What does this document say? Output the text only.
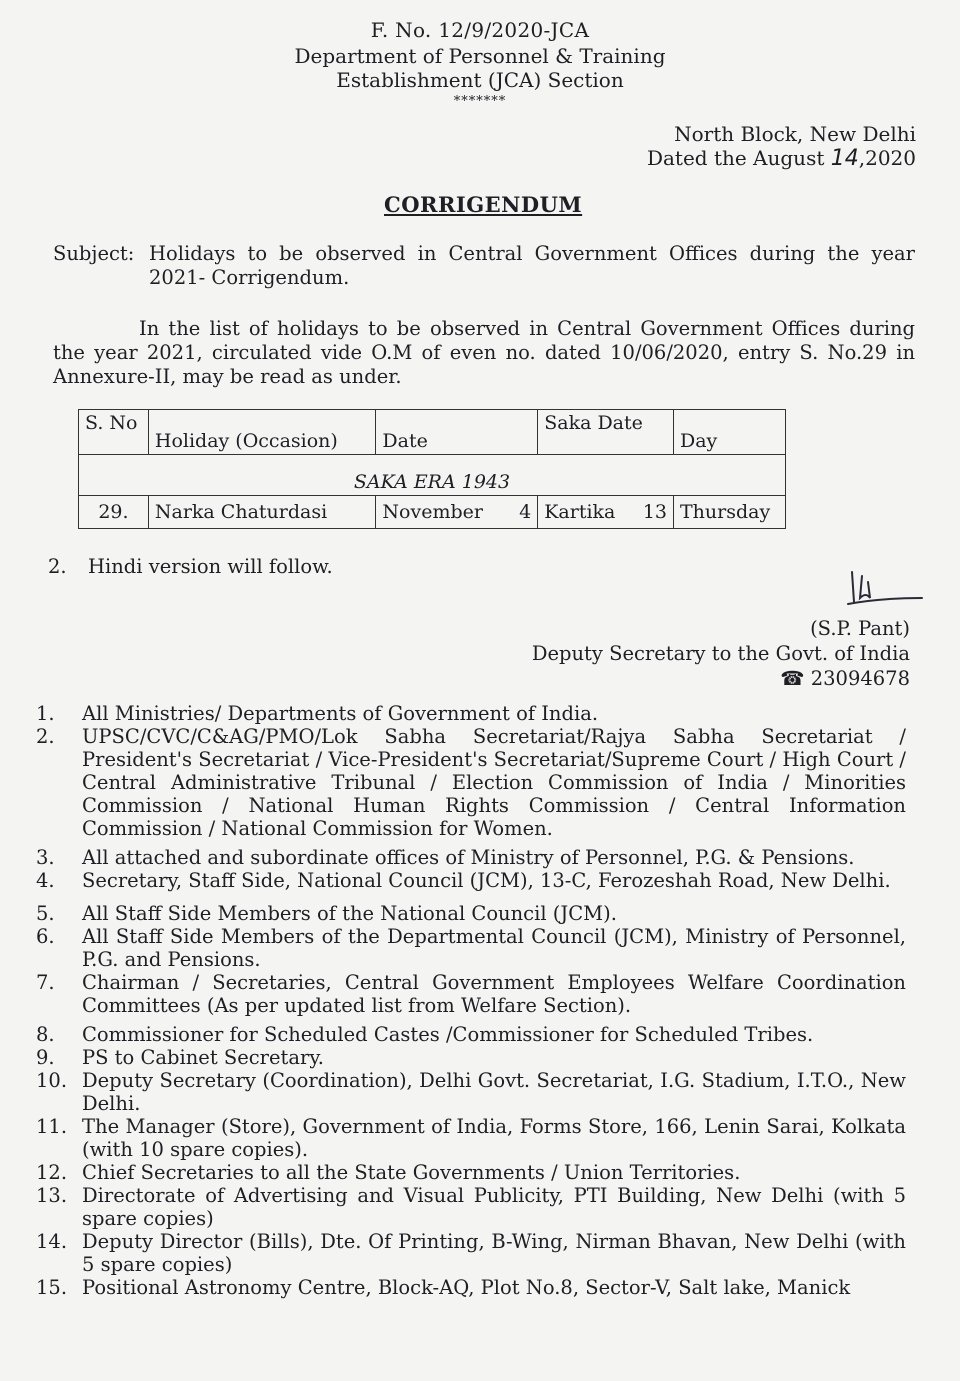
F. No. 12/9/2020-JCA
Department of Personnel & Training
Establishment (JCA) Section
*******
North Block, New Delhi
Dated the August 14,2020
CORRIGENDUM
Subject: Holidays to be observed in Central Government Offices during the year 2021- Corrigendum.
In the list of holidays to be observed in Central Government Offices during the year 2021, circulated vide O.M of even no. dated 10/06/2020, entry S. No.29 in Annexure-II, may be read as under.
S. No	Holiday (Occasion)	Date	Saka Date	Day
SAKA ERA 1943				
29.	Narka Chaturdasi	November 4	Kartika 13	Thursday
2. Hindi version will follow.
(S.P. Pant)
Deputy Secretary to the Govt. of India
☎ 23094678
1.	All Ministries/ Departments of Government of India.
2.	UPSC/CVC/C&AG/PMO/Lok Sabha Secretariat/Rajya Sabha Secretariat / President's Secretariat / Vice-President's Secretariat/Supreme Court / High Court / Central Administrative Tribunal / Election Commission of India / Minorities Commission / National Human Rights Commission / Central Information Commission / National Commission for Women.
3.	All attached and subordinate offices of Ministry of Personnel, P.G. & Pensions.
4.	Secretary, Staff Side, National Council (JCM), 13-C, Ferozeshah Road, New Delhi.
5.	All Staff Side Members of the National Council (JCM).
6.	All Staff Side Members of the Departmental Council (JCM), Ministry of Personnel, P.G. and Pensions.
7.	Chairman / Secretaries, Central Government Employees Welfare Coordination Committees (As per updated list from Welfare Section).
8.	Commissioner for Scheduled Castes /Commissioner for Scheduled Tribes.
9.	PS to Cabinet Secretary.
10. Deputy Secretary (Coordination), Delhi Govt. Secretariat, I.G. Stadium, I.T.O., New Delhi.
11. The Manager (Store), Government of India, Forms Store, 166, Lenin Sarai, Kolkata (with 10 spare copies).
12. Chief Secretaries to all the State Governments / Union Territories.
13. Directorate of Advertising and Visual Publicity, PTI Building, New Delhi (with 5 spare copies)
14. Deputy Director (Bills), Dte. Of Printing, B-Wing, Nirman Bhavan, New Delhi (with 5 spare copies)
15. Positional Astronomy Centre, Block-AQ, Plot No.8, Sector-V, Salt lake, Manick
